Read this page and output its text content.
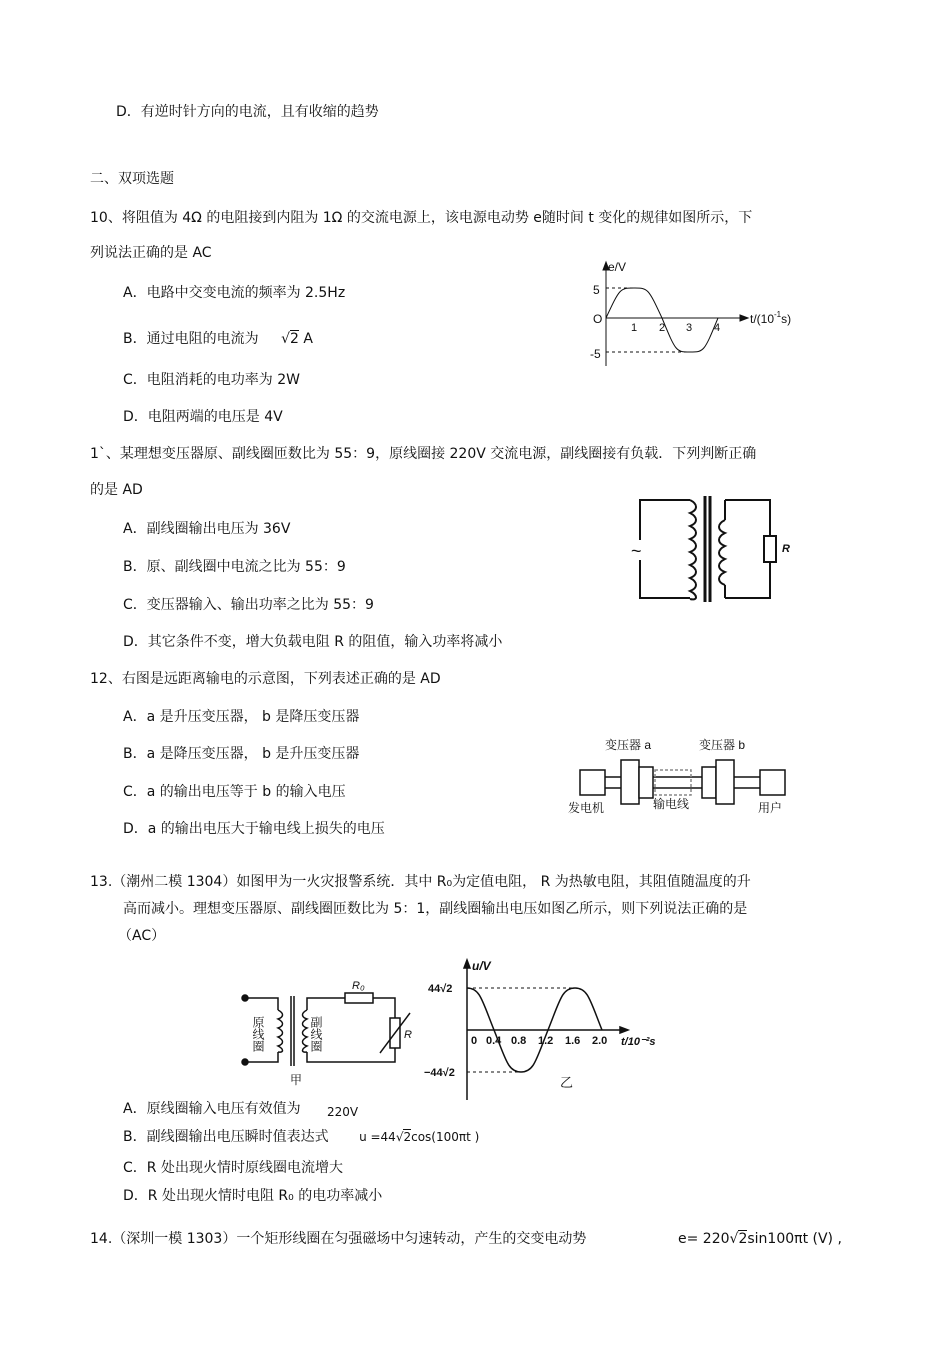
D．有逆时针方向的电流，且有收缩的趋势
二、双项选题
10、将阻值为 4Ω 的电阻接到内阻为 1Ω 的交流电源上，该电源电动势 e随时间 t 变化的规律如图所示，下
列说法正确的是 AC
A．电路中交变电流的频率为 2.5Hz
B．通过电阻的电流为 √2 A
C．电阻消耗的电功率为 2W
D．电阻两端的电压是 4V
e/V
5
-5
O
1 2 3 4
$t/(10^{-1}s)$
1`、某理想变压器原、副线圈匝数比为 55：9，原线圈接 220V 交流电源，副线圈接有负载．下列判断正确
的是 AD
A．副线圈输出电压为 36V
B．原、副线圈中电流之比为 55：9
C．变压器输入、输出功率之比为 55：9
D．其它条件不变，增大负载电阻 R 的阻值，输入功率将减小
~	R
12、右图是远距离输电的示意图，下列表述正确的是 AD
A．a 是升压变压器， b 是降压变压器
B．a 是降压变压器， b 是升压变压器
C．a 的输出电压等于 b 的输入电压
D．a 的输出电压大于输电线上损失的电压
变压器 a	变压器 b
发电机	输电线	用户
13.（潮州二模 1304）如图甲为一火灾报警系统．其中 R₀为定值电阻， R 为热敏电阻，其阻值随温度的升
高而减小。理想变压器原、副线圈匝数比为 5：1，副线圈输出电压如图乙所示，则下列说法正确的是
（AC）
原线圈	副线圈
R₀
R
甲
u/V
44√2
−44√2
0 0.4 0.8 1.2 1.6 2.0 t/10⁻²s
乙
A．原线圈输入电压有效值为 220V
B．副线圈输出电压瞬时值表达式	u =44√2cos(100πt )
C．R 处出现火情时原线圈电流增大
D．R 处出现火情时电阻 R₀ 的电功率减小
14.（深圳一模 1303）一个矩形线圈在匀强磁场中匀速转动，产生的交变电动势	e= 220√2sin100πt (V) ,
